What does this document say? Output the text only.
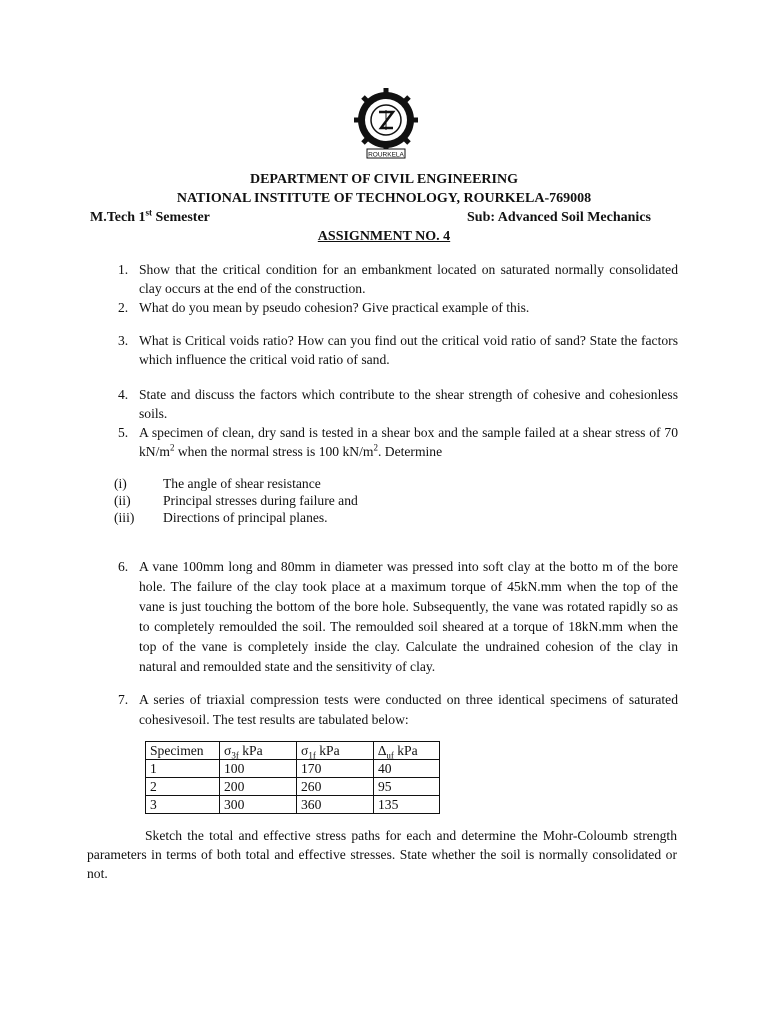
ROURKELA
DEPARTMENT OF CIVIL ENGINEERING
NATIONAL INSTITUTE OF TECHNOLOGY, ROURKELA-769008
M.Tech 1st Semester	Sub: Advanced Soil Mechanics
ASSIGNMENT NO. 4
1. Show that the critical condition for an embankment located on saturated normally consolidated clay occurs at the end of the construction.
2. What do you mean by pseudo cohesion? Give practical example of this.
3. What is Critical voids ratio? How can you find out the critical void ratio of sand? State the factors which influence the critical void ratio of sand.
4. State and discuss the factors which contribute to the shear strength of cohesive and cohesionless soils.
5. A specimen of clean, dry sand is tested in a shear box and the sample failed at a shear stress of 70 $kN/m^2$ when the normal stress is 100 $kN/m^2$. Determine
(i)	The angle of shear resistance
(ii) Principal stresses during failure and
(iii) Directions of principal planes.
6. A vane 100mm long and 80mm in diameter was pressed into soft clay at the botto m of the bore hole. The failure of the clay took place at a maximum torque of 45kN.mm when the top of the vane is just touching the bottom of the bore hole. Subsequently, the vane was rotated rapidly so as to completely remoulded the soil. The remoulded soil sheared at a torque of 18kN.mm when the top of the vane is completely inside the clay. Calculate the undrained cohesion of the clay in natural and remoulded state and the sensitivity of clay.
7. A series of triaxial compression tests were conducted on three identical specimens of saturated cohesivesoil. The test results are tabulated below:
Specimen	$\sigma_{3f}$ kPa	$\sigma_{1f}$ kPa	$\Delta_{uf}$ kPa
1	100	170	40
2	200	260	95
3	300	360	135
Sketch the total and effective stress paths for each and determine the Mohr-Coloumb strength parameters in terms of both total and effective stresses. State whether the soil is normally consolidated or not.
